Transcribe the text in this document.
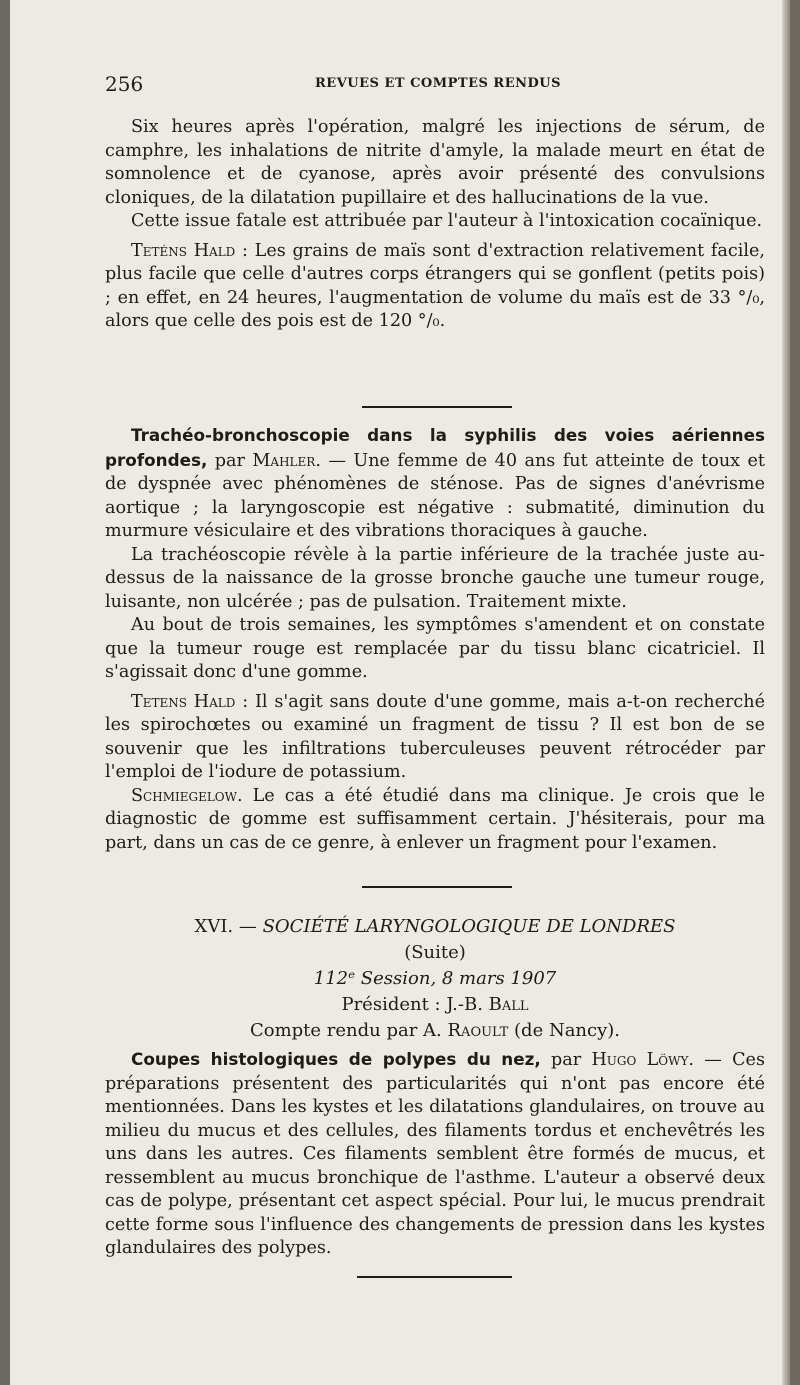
256	REVUES ET COMPTES RENDUS

Six heures après l'opération, malgré les injections de sérum, de camphre, les inhalations de nitrite d'amyle, la malade meurt en état de somnolence et de cyanose, après avoir présenté des convulsions cloniques, de la dilatation pupillaire et des hallucinations de la vue.

Cette issue fatale est attribuée par l'auteur à l'intoxication cocaïnique.

Teténs Hald : Les grains de maïs sont d'extraction relativement facile, plus facile que celle d'autres corps étrangers qui se gonflent (petits pois) ; en effet, en 24 heures, l'augmentation de volume du maïs est de 33 °/₀, alors que celle des pois est de 120 °/₀.

Trachéo-bronchoscopie dans la syphilis des voies aériennes profondes, par Mahler. — Une femme de 40 ans fut atteinte de toux et de dyspnée avec phénomènes de sténose. Pas de signes d'anévrisme aortique ; la laryngoscopie est négative : submatité, diminution du murmure vésiculaire et des vibrations thoraciques à gauche.

La trachéoscopie révèle à la partie inférieure de la trachée juste au-dessus de la naissance de la grosse bronche gauche une tumeur rouge, luisante, non ulcérée ; pas de pulsation. Traitement mixte.

Au bout de trois semaines, les symptômes s'amendent et on constate que la tumeur rouge est remplacée par du tissu blanc cicatriciel. Il s'agissait donc d'une gomme.

Tetens Hald : Il s'agit sans doute d'une gomme, mais a-t-on recherché les spirochœtes ou examiné un fragment de tissu ? Il est bon de se souvenir que les infiltrations tuberculeuses peuvent rétrocéder par l'emploi de l'iodure de potassium.

Schmiegelow. Le cas a été étudié dans ma clinique. Je crois que le diagnostic de gomme est suffisamment certain. J'hésiterais, pour ma part, dans un cas de ce genre, à enlever un fragment pour l'examen.

XVI. — SOCIÉTÉ LARYNGOLOGIQUE DE LONDRES
(Suite)
112ᵉ Session, 8 mars 1907
Président : J.-B. Ball
Compte rendu par A. Raoult (de Nancy).

Coupes histologiques de polypes du nez, par Hugo Löwy. — Ces préparations présentent des particularités qui n'ont pas encore été mentionnées. Dans les kystes et les dilatations glandulaires, on trouve au milieu du mucus et des cellules, des filaments tordus et enchevêtrés les uns dans les autres. Ces filaments semblent être formés de mucus, et ressemblent au mucus bronchique de l'asthme. L'auteur a observé deux cas de polype, présentant cet aspect spécial. Pour lui, le mucus prendrait cette forme sous l'influence des changements de pression dans les kystes glandulaires des polypes.
